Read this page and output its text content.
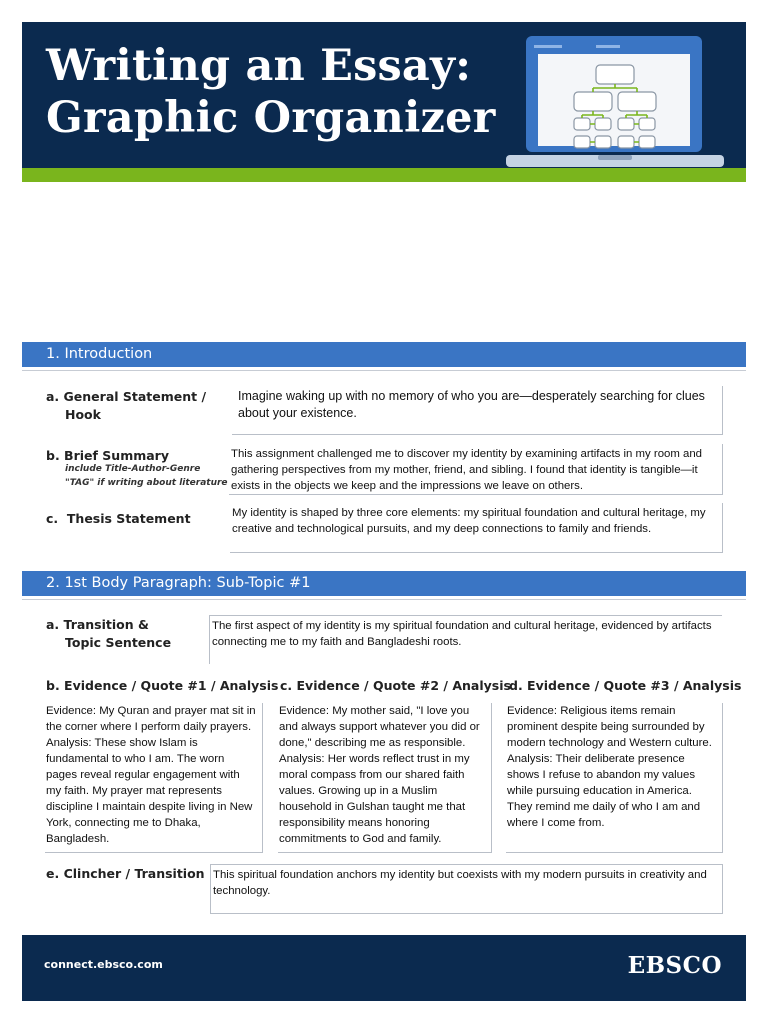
Writing an Essay:
Graphic Organizer
1. Introduction
a. General Statement /
Hook
Imagine waking up with no memory of who you are—desperately searching for clues about your existence.
b. Brief Summary
include Title-Author-Genre
"TAG" if writing about literature
This assignment challenged me to discover my identity by examining artifacts in my room and gathering perspectives from my mother, friend, and sibling. I found that identity is tangible—it exists in the objects we keep and the impressions we leave on others.
c. Thesis Statement	My identity is shaped by three core elements: my spiritual foundation and cultural heritage, my creative and technological pursuits, and my deep connections to family and friends.
2. 1st Body Paragraph: Sub-Topic #1
a. Transition &
Topic Sentence
The first aspect of my identity is my spiritual foundation and cultural heritage, evidenced by artifacts connecting me to my faith and Bangladeshi roots.
b. Evidence / Quote #1 / Analysis c. Evidence / Quote #2 / Analysis
d. Evidence / Quote #3 / Analysis
Evidence: My Quran and prayer mat sit in the corner where I perform daily prayers.
Analysis: These show Islam is fundamental to who I am. The worn pages reveal regular engagement with my faith. My prayer mat represents discipline I maintain despite living in New York, connecting me to Dhaka, Bangladesh.
Evidence: My mother said, "I love you and always support whatever you did or done," describing me as responsible.
Analysis: Her words reflect trust in my moral compass from our shared faith values. Growing up in a Muslim household in Gulshan taught me that responsibility means honoring commitments to God and family.
Evidence: Religious items remain prominent despite being surrounded by modern technology and Western culture.
Analysis: Their deliberate presence shows I refuse to abandon my values while pursuing education in America. They remind me daily of who I am and where I come from.
e. Clincher / Transition This spiritual foundation anchors my identity but coexists with my modern pursuits in creativity and technology.
connect.ebsco.com	EBSCO
